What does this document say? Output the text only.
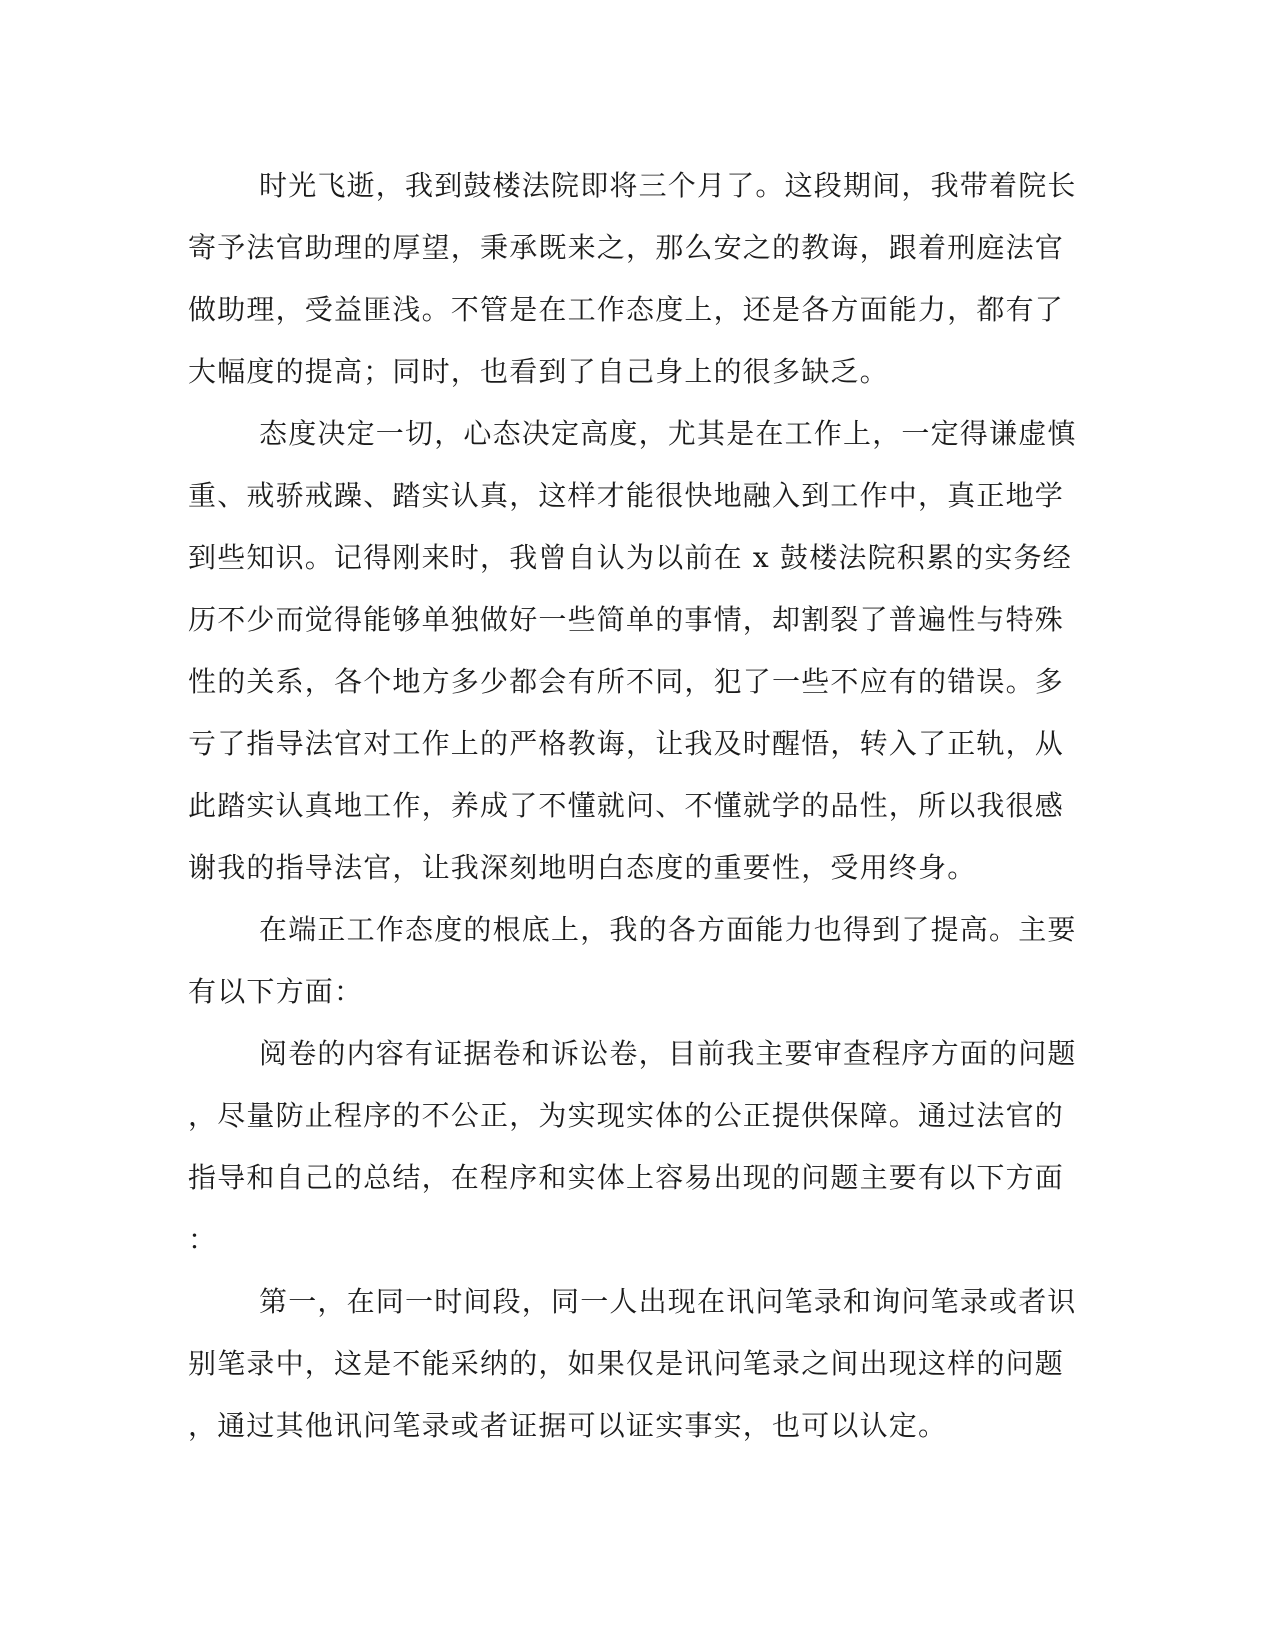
时光飞逝，我到鼓楼法院即将三个月了。这段期间，我带着院长
寄予法官助理的厚望，秉承既来之，那么安之的教诲，跟着刑庭法官
做助理，受益匪浅。不管是在工作态度上，还是各方面能力，都有了
大幅度的提高；同时，也看到了自己身上的很多缺乏。
态度决定一切，心态决定高度，尤其是在工作上，一定得谦虚慎
重、戒骄戒躁、踏实认真，这样才能很快地融入到工作中，真正地学
到些知识。记得刚来时，我曾自认为以前在 x 鼓楼法院积累的实务经
历不少而觉得能够单独做好一些简单的事情，却割裂了普遍性与特殊
性的关系，各个地方多少都会有所不同，犯了一些不应有的错误。多
亏了指导法官对工作上的严格教诲，让我及时醒悟，转入了正轨，从
此踏实认真地工作，养成了不懂就问、不懂就学的品性，所以我很感
谢我的指导法官，让我深刻地明白态度的重要性，受用终身。
在端正工作态度的根底上，我的各方面能力也得到了提高。主要
有以下方面：
阅卷的内容有证据卷和诉讼卷，目前我主要审查程序方面的问题
，尽量防止程序的不公正，为实现实体的公正提供保障。通过法官的
指导和自己的总结，在程序和实体上容易出现的问题主要有以下方面
：
第一，在同一时间段，同一人出现在讯问笔录和询问笔录或者识
别笔录中，这是不能采纳的，如果仅是讯问笔录之间出现这样的问题
，通过其他讯问笔录或者证据可以证实事实，也可以认定。
